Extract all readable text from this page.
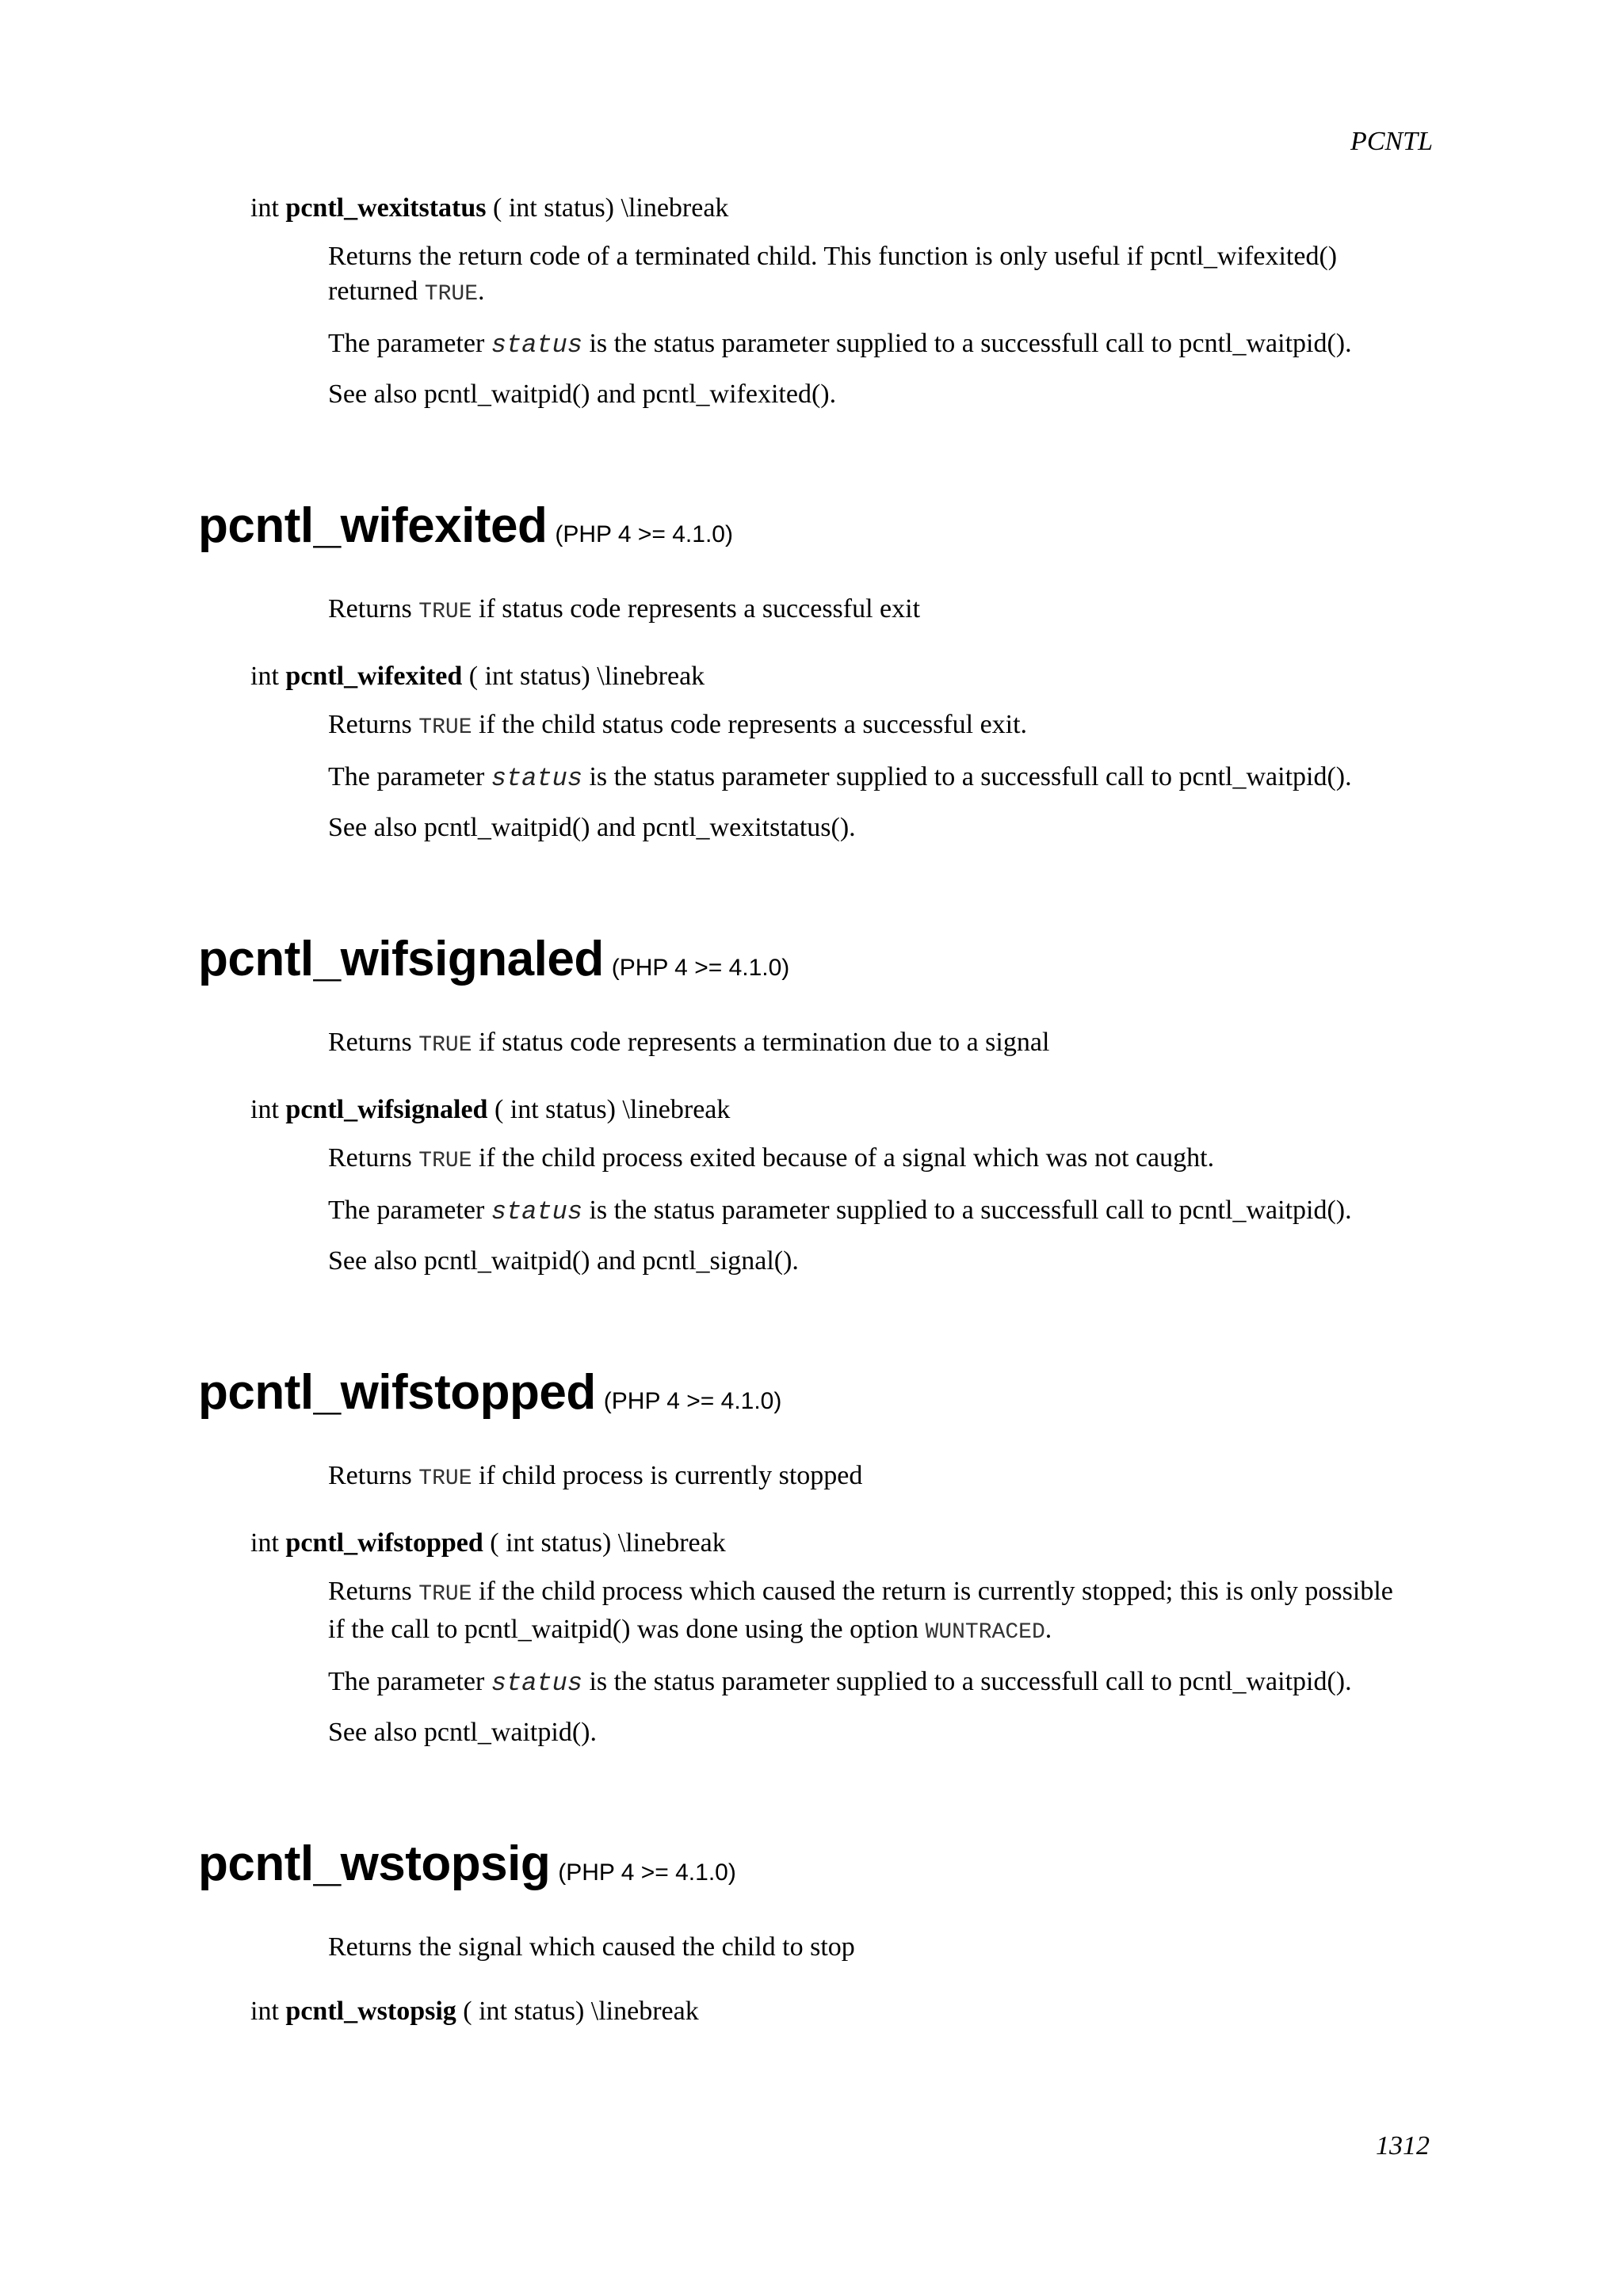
PCNTL
int pcntl_wexitstatus ( int status) \linebreak

Returns the return code of a terminated child. This function is only useful if pcntl_wifexited()
returned TRUE.

The parameter status is the status parameter supplied to a successfull call to pcntl_waitpid().

See also pcntl_waitpid() and pcntl_wifexited().

pcntl_wifexited (PHP 4 >= 4.1.0)

Returns TRUE if status code represents a successful exit

int pcntl_wifexited ( int status) \linebreak

Returns TRUE if the child status code represents a successful exit.

The parameter status is the status parameter supplied to a successfull call to pcntl_waitpid().

See also pcntl_waitpid() and pcntl_wexitstatus().

pcntl_wifsignaled (PHP 4 >= 4.1.0)

Returns TRUE if status code represents a termination due to a signal

int pcntl_wifsignaled ( int status) \linebreak

Returns TRUE if the child process exited because of a signal which was not caught.

The parameter status is the status parameter supplied to a successfull call to pcntl_waitpid().

See also pcntl_waitpid() and pcntl_signal().

pcntl_wifstopped (PHP 4 >= 4.1.0)

Returns TRUE if child process is currently stopped

int pcntl_wifstopped ( int status) \linebreak

Returns TRUE if the child process which caused the return is currently stopped; this is only possible
if the call to pcntl_waitpid() was done using the option WUNTRACED.

The parameter status is the status parameter supplied to a successfull call to pcntl_waitpid().

See also pcntl_waitpid().

pcntl_wstopsig (PHP 4 >= 4.1.0)

Returns the signal which caused the child to stop

int pcntl_wstopsig ( int status) \linebreak
1312
